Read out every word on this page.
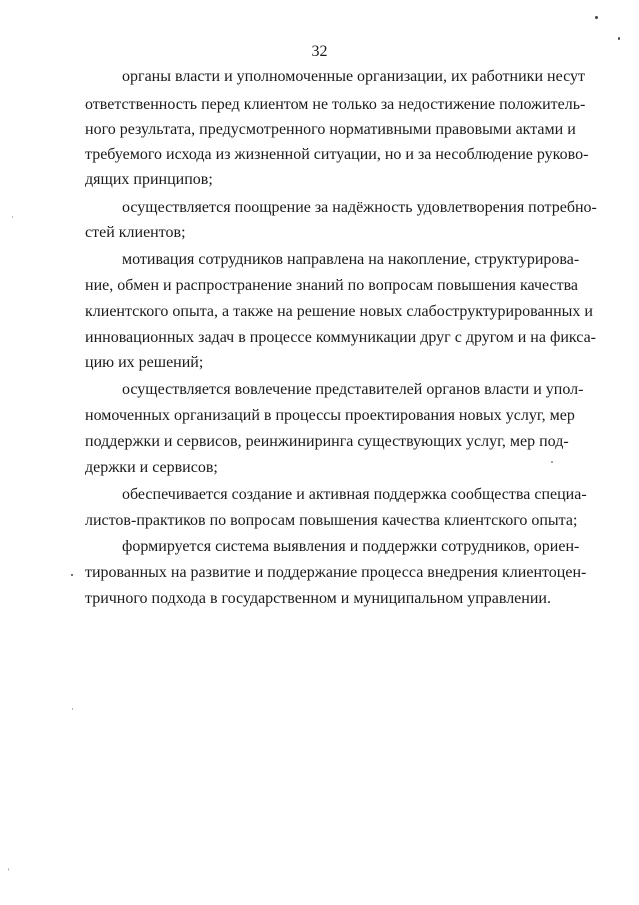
32
органы власти и уполномоченные организации, их работники несут
ответственность перед клиентом не только за недостижение положитель-
ного результата, предусмотренного нормативными правовыми актами и
требуемого исхода из жизненной ситуации, но и за несоблюдение руково-
дящих принципов;
осуществляется поощрение за надёжность удовлетворения потребно-
стей клиентов;
мотивация сотрудников направлена на накопление, структурирова-
ние, обмен и распространение знаний по вопросам повышения качества
клиентского опыта, а также на решение новых слабоструктурированных и
инновационных задач в процессе коммуникации друг с другом и на фикса-
цию их решений;
осуществляется вовлечение представителей органов власти и упол-
номоченных организаций в процессы проектирования новых услуг, мер
поддержки и сервисов, реинжиниринга существующих услуг, мер под-
держки и сервисов;
обеспечивается создание и активная поддержка сообщества специа-
листов-практиков по вопросам повышения качества клиентского опыта;
формируется система выявления и поддержки сотрудников, ориен-
тированных на развитие и поддержание процесса внедрения клиентоцен-
тричного подхода в государственном и муниципальном управлении.
